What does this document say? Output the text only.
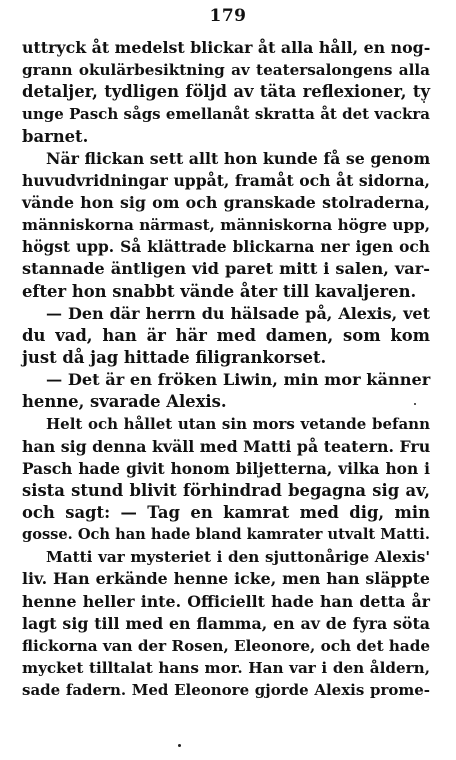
179
uttryck åt medelst blickar åt alla håll, en nog-
grann okulärbesiktning av teatersalongens alla
detaljer, tydligen följd av täta reflexioner, ty
unge Pasch sågs emellanåt skratta åt det vackra
barnet.
När flickan sett allt hon kunde få se genom
huvudvridningar uppåt, framåt och åt sidorna,
vände hon sig om och granskade stolraderna,
människorna närmast, människorna högre upp,
högst upp. Så klättrade blickarna ner igen och
stannade äntligen vid paret mitt i salen, var-
efter hon snabbt vände åter till kavaljeren.
— Den där herrn du hälsade på, Alexis, vet
du vad, han är här med damen, som kom
just då jag hittade filigrankorset.
— Det är en fröken Liwin, min mor känner
henne, svarade Alexis.
Helt och hållet utan sin mors vetande befann
han sig denna kväll med Matti på teatern. Fru
Pasch hade givit honom biljetterna, vilka hon i
sista stund blivit förhindrad begagna sig av,
och sagt: — Tag en kamrat med dig, min
gosse. Och han hade bland kamrater utvalt Matti.
Matti var mysteriet i den sjuttonårige Alexis'
liv. Han erkände henne icke, men han släppte
henne heller inte. Officiellt hade han detta år
lagt sig till med en flamma, en av de fyra söta
flickorna van der Rosen, Eleonore, och det hade
mycket tilltalat hans mor. Han var i den åldern,
sade fadern. Med Eleonore gjorde Alexis prome-
